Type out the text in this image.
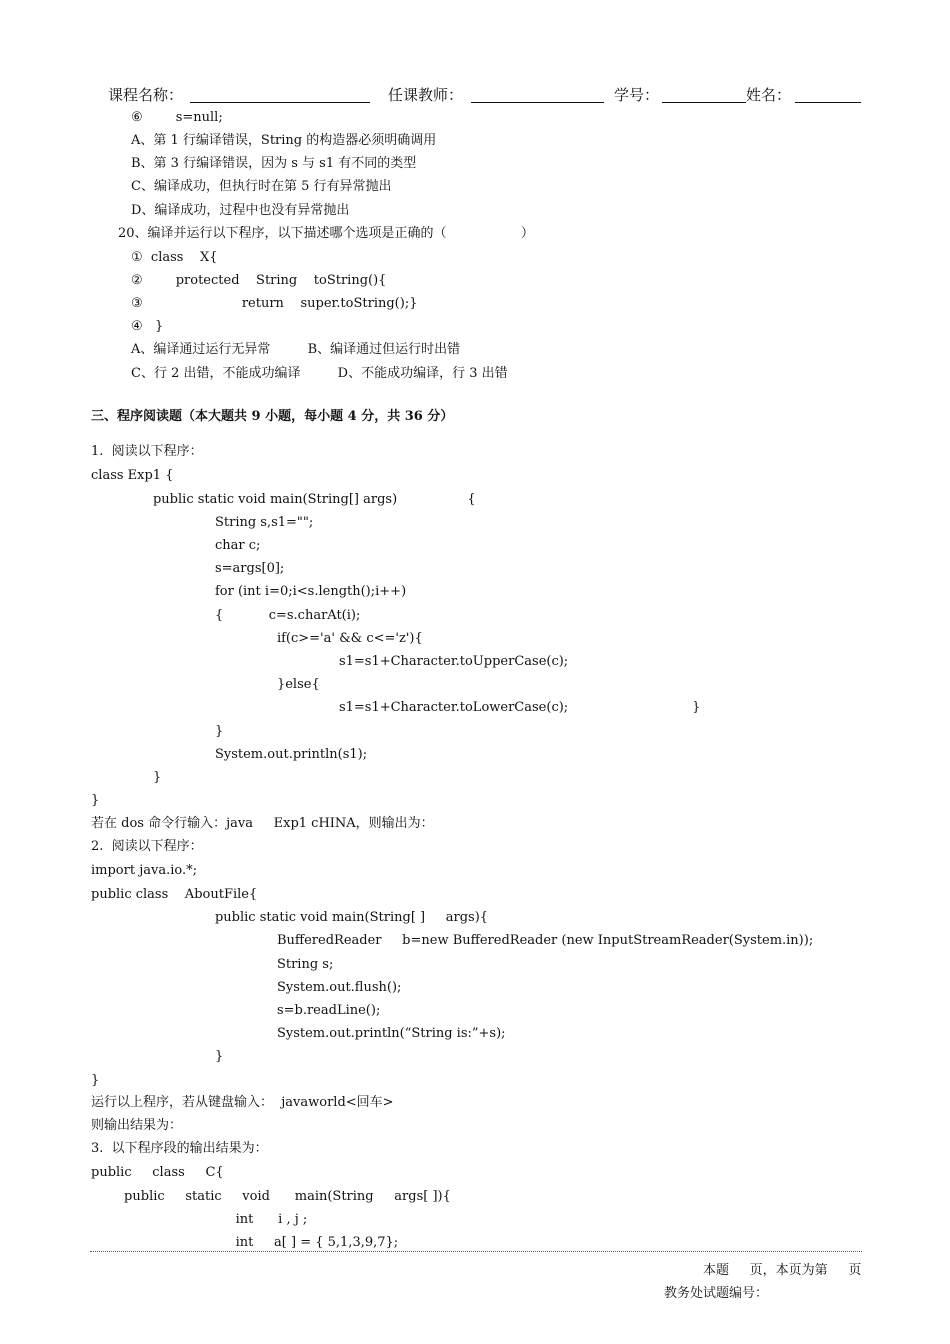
课程名称：	任课教师：	学号：	姓名：
⑥        s=null;
A、第 1 行编译错误，String 的构造器必须明确调用
B、第 3 行编译错误，因为 s 与 s1 有不同的类型
C、编译成功，但执行时在第 5 行有异常抛出
D、编译成功，过程中也没有异常抛出
20、编译并运行以下程序，以下描述哪个选项是正确的（                  ）
①  class    X{
②        protected    String    toString(){
③                        return    super.toString();}
④   }
A、编译通过运行无异常         B、编译通过但运行时出错
C、行 2 出错，不能成功编译         D、不能成功编译，行 3 出错
三、程序阅读题（本大题共 9 小题，每小题 4 分，共 36 分）
1.  阅读以下程序：
class Exp1 {
public static void main(String[] args)                 {
String s,s1="";
char c;
s=args[0];
for (int i=0;i<s.length();i++)
{           c=s.charAt(i);
if(c>='a' && c<='z'){
s1=s1+Character.toUpperCase(c);
}else{
s1=s1+Character.toLowerCase(c);                              }
}
System.out.println(s1);
}
}
若在 dos 命令行输入：java     Exp1 cHINA，则输出为：
2.  阅读以下程序：
import java.io.*;
public class    AboutFile{
public static void main(String[ ]     args){
BufferedReader     b=new BufferedReader (new InputStreamReader(System.in));
String s;
System.out.flush();
s=b.readLine();
System.out.println(“String is:”+s);
}
}
运行以上程序，若从键盘输入：  javaworld<回车>
则输出结果为：
3.  以下程序段的输出结果为：
public     class     C{
public     static     void      main(String     args[ ]){
int      i , j ;
int     a[ ] = { 5,1,3,9,7};
本题     页，本页为第     页
教务处试题编号：
